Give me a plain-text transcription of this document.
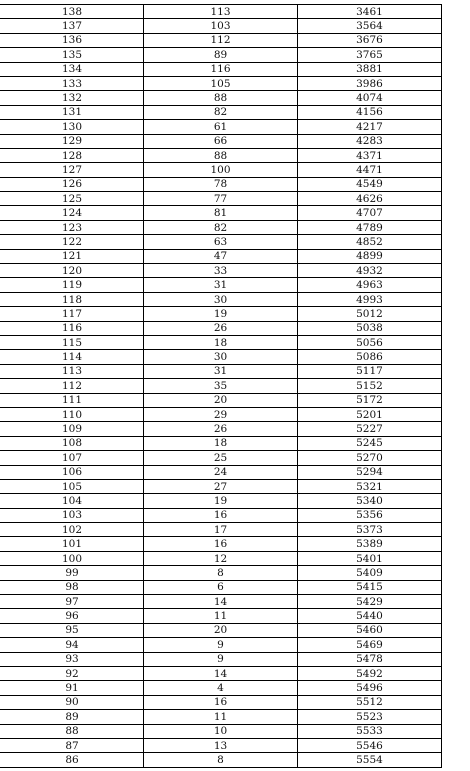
138	113	3461
137	103	3564
136	112	3676
135	89	3765
134	116	3881
133	105	3986
132	88	4074
131	82	4156
130	61	4217
129	66	4283
128	88	4371
127	100	4471
126	78	4549
125	77	4626
124	81	4707
123	82	4789
122	63	4852
121	47	4899
120	33	4932
119	31	4963
118	30	4993
117	19	5012
116	26	5038
115	18	5056
114	30	5086
113	31	5117
112	35	5152
111	20	5172
110	29	5201
109	26	5227
108	18	5245
107	25	5270
106	24	5294
105	27	5321
104	19	5340
103	16	5356
102	17	5373
101	16	5389
100	12	5401
99	8	5409
98	6	5415
97	14	5429
96	11	5440
95	20	5460
94	9	5469
93	9	5478
92	14	5492
91	4	5496
90	16	5512
89	11	5523
88	10	5533
87	13	5546
86	8	5554
